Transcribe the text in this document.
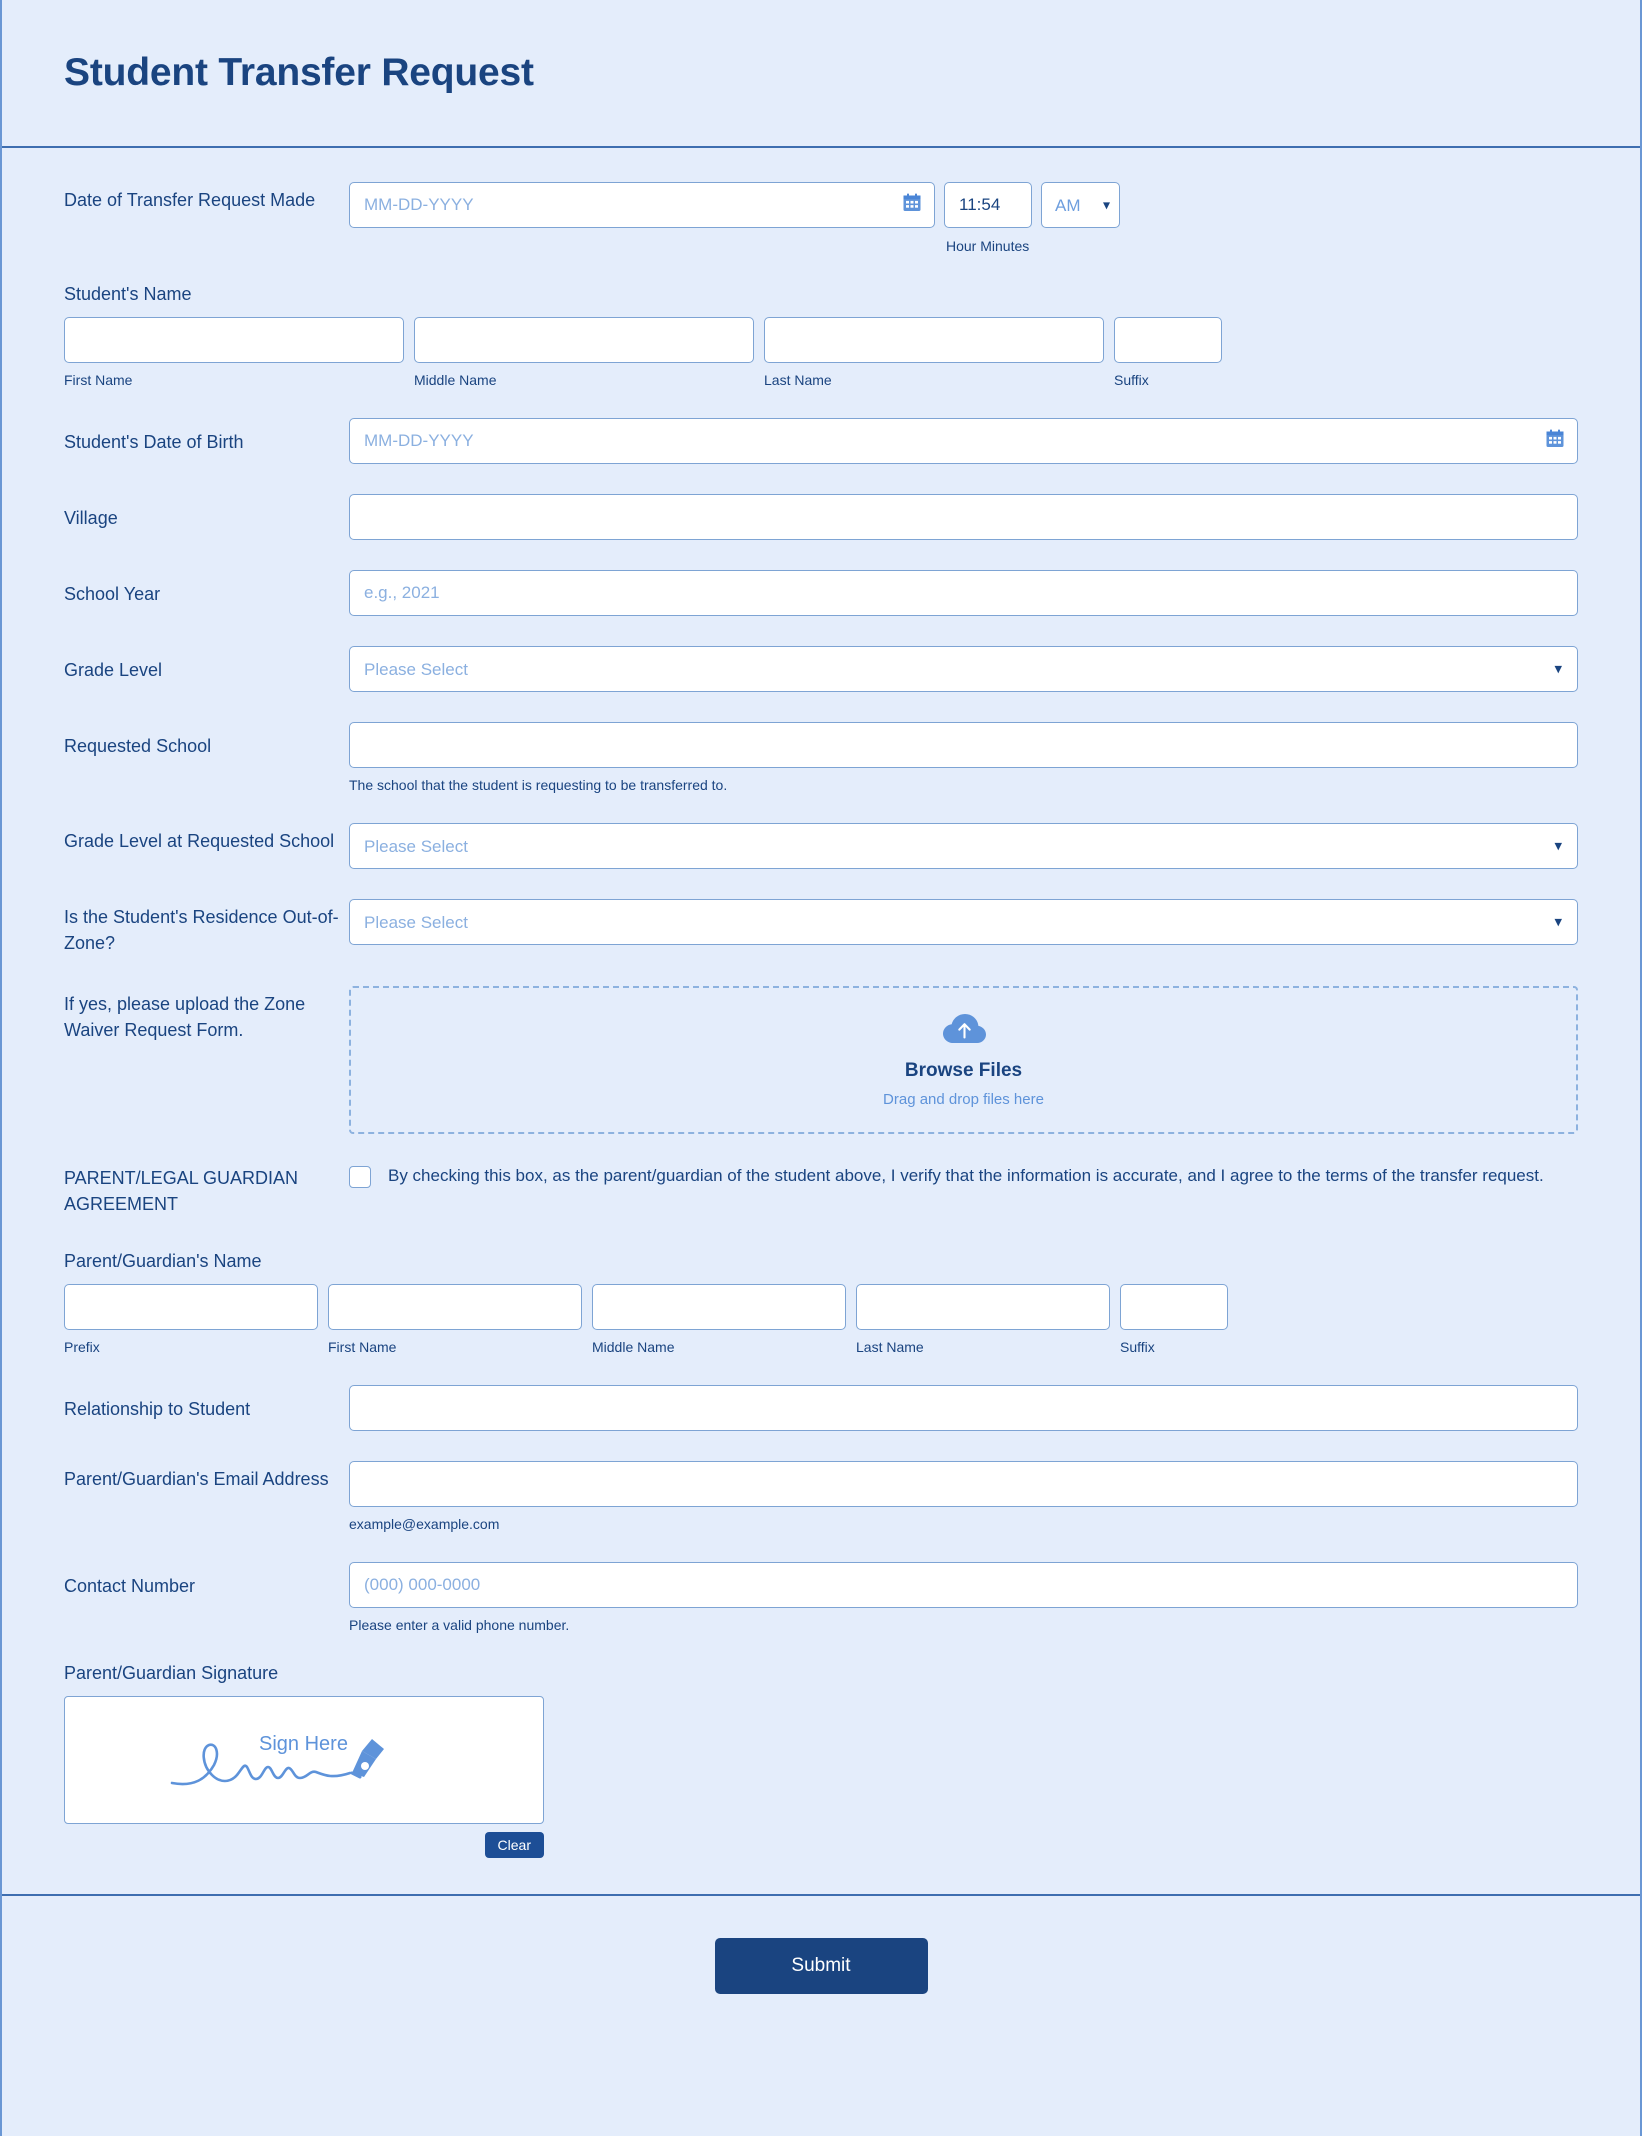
Student Transfer Request
Date of Transfer Request Made
MM-DD-YYYY
11:54
AM	▾
Hour Minutes
Student's Name
First Name	Middle Name	Last Name	Suffix
Student's Date of Birth
MM-DD-YYYY
Village
School Year
e.g., 2021
Grade Level
Please Select	▾
Requested School
The school that the student is requesting to be transferred to.
Grade Level at Requested School
Please Select	▾
Is the Student's Residence Out-of-Zone?
Please Select
▾
If yes, please upload the Zone Waiver Request Form.
Browse Files
Drag and drop files here
PARENT/LEGAL GUARDIAN AGREEMENT
By checking this box, as the parent/guardian of the student above, I verify that the information is accurate, and I agree to the terms of the transfer request.
Parent/Guardian's Name
Prefix	First Name	Middle Name	Last Name	Suffix
Relationship to Student
Parent/Guardian's Email Address
example@example.com
Contact Number
(000) 000-0000
Please enter a valid phone number.
Parent/Guardian Signature
Sign Here
Clear
Submit
